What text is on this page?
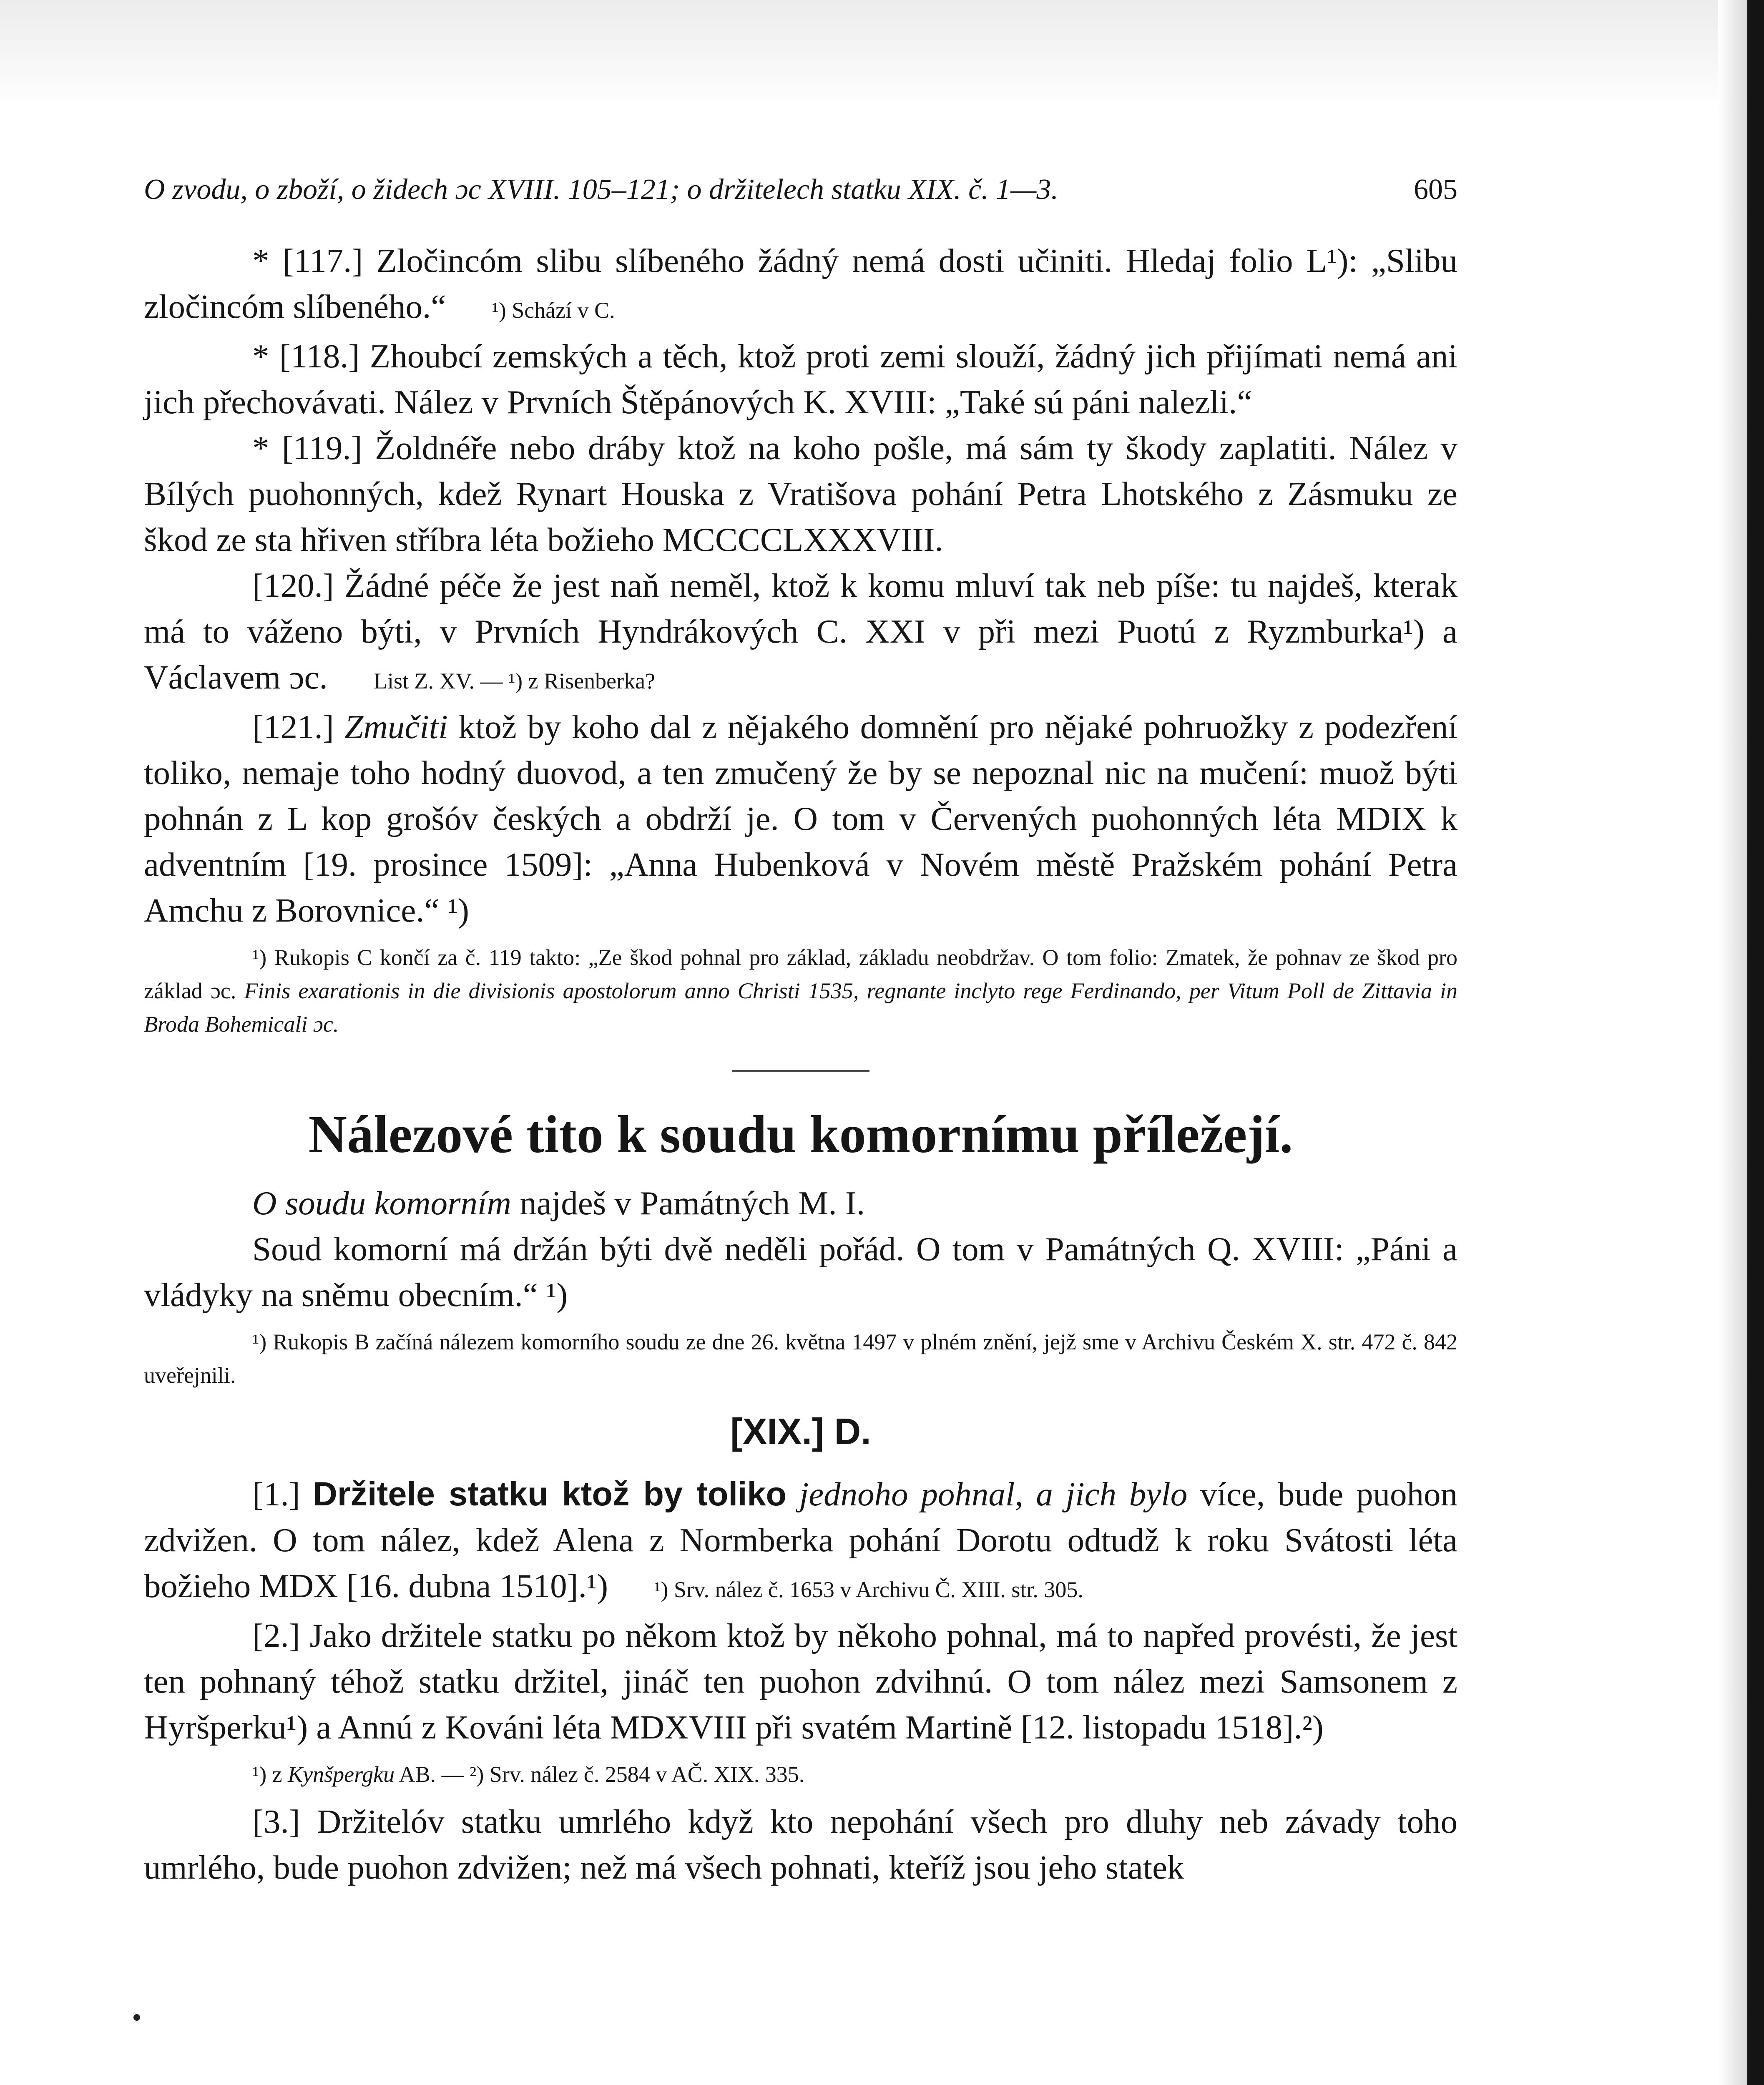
O zvodu, o zboží, o židech ɔc XVIII. 105–121; o držitelech statku XIX. č. 1—3.	605

* [117.] Zločincóm slibu slíbeného žádný nemá dosti učiniti. Hledaj folio L¹): „Slibu zločincóm slíbeného.“ ¹) Schází v C.

* [118.] Zhoubcí zemských a těch, ktož proti zemi slouží, žádný jich přijímati nemá ani jich přechovávati. Nález v Prvních Štěpánových K. XVIII: „Také sú páni nalezli.“

* [119.] Žoldnéře nebo dráby ktož na koho pošle, má sám ty škody zaplatiti. Nález v Bílých puohonných, kdež Rynart Houska z Vratišova pohání Petra Lhotského z Zásmuku ze škod ze sta hřiven stříbra léta božieho MCCCCLXXXVIII.

[120.] Žádné péče že jest naň neměl, ktož k komu mluví tak neb píše: tu najdeš, kterak má to váženo býti, v Prvních Hyndrákových C. XXI v při mezi Puotú z Ryzmburka¹) a Václavem ɔc. List Z. XV. — ¹) z Risenberka?

[121.] Zmučiti ktož by koho dal z nějakého domnění pro nějaké pohruožky z podezření toliko, nemaje toho hodný duovod, a ten zmučený že by se nepoznal nic na mučení: muož býti pohnán z L kop grošóv českých a obdrží je. O tom v Červených puohonných léta MDIX k adventním [19. prosince 1509]: „Anna Hubenková v Novém městě Pražském pohání Petra Amchu z Borovnice.“ ¹)

¹) Rukopis C končí za č. 119 takto: „Ze škod pohnal pro základ, základu neobdržav. O tom folio: Zmatek, že pohnav ze škod pro základ ɔc. Finis exarationis in die divisionis apostolorum anno Christi 1535, regnante inclyto rege Ferdinando, per Vitum Poll de Zittavia in Broda Bohemicali ɔc.

Nálezové tito k soudu komornímu příležejí.

O soudu komorním najdeš v Památných M. I.

Soud komorní má držán býti dvě neděli pořád. O tom v Památných Q. XVIII: „Páni a vládyky na sněmu obecním.“ ¹)

¹) Rukopis B začíná nálezem komorního soudu ze dne 26. května 1497 v plném znění, jejž sme v Archivu Českém X. str. 472 č. 842 uveřejnili.

[XIX.] D.

[1.] Držitele statku ktož by toliko jednoho pohnal, a jich bylo více, bude puohon zdvižen. O tom nález, kdež Alena z Normberka pohání Dorotu odtudž k roku Svátosti léta božieho MDX [16. dubna 1510].¹) ¹) Srv. nález č. 1653 v Archivu Č. XIII. str. 305.

[2.] Jako držitele statku po někom ktož by někoho pohnal, má to napřed provésti, že jest ten pohnaný téhož statku držitel, jináč ten puohon zdvihnú. O tom nález mezi Samsonem z Hyršperku¹) a Annú z Kováni léta MDXVIII při svatém Martině [12. listopadu 1518].²)

¹) z Kynšpergku AB. — ²) Srv. nález č. 2584 v AČ. XIX. 335.

[3.] Držitelóv statku umrlého když kto nepohání všech pro dluhy neb závady toho umrlého, bude puohon zdvižen; než má všech pohnati, kteříž jsou jeho statek
